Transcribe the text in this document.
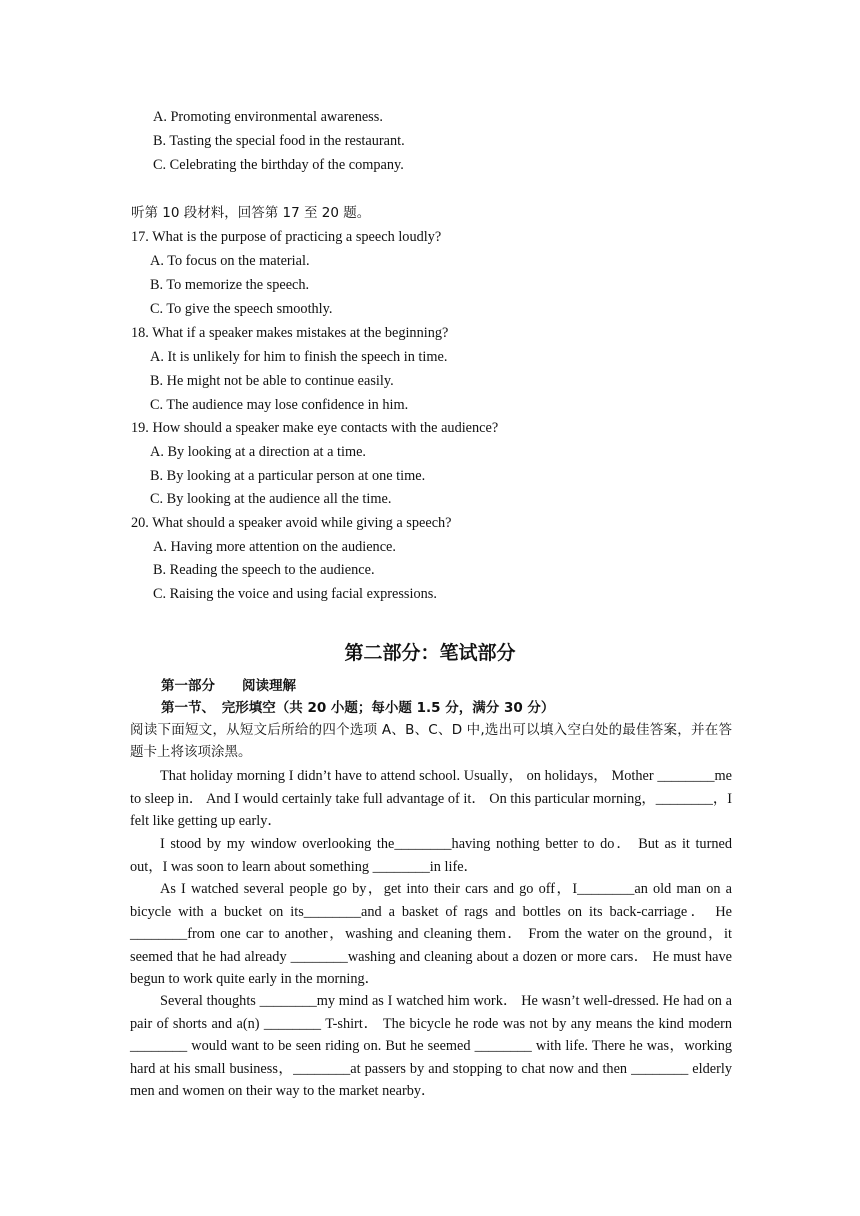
A. Promoting environmental awareness.
B. Tasting the special food in the restaurant.
C. Celebrating the birthday of the company.
听第 10 段材料，回答第 17 至 20 题。
17. What is the purpose of practicing a speech loudly?
A. To focus on the material.
B. To memorize the speech.
C. To give the speech smoothly.
18. What if a speaker makes mistakes at the beginning?
A. It is unlikely for him to finish the speech in time.
B. He might not be able to continue easily.
C. The audience may lose confidence in him.
19. How should a speaker make eye contacts with the audience?
A. By looking at a direction at a time.
B. By looking at a particular person at one time.
C. By looking at the audience all the time.
20. What should a speaker avoid while giving a speech?
A. Having more attention on the audience.
B. Reading the speech to the audience.
C. Raising the voice and using facial expressions.
第二部分：笔试部分
第一部分　　阅读理解
第一节、　完形填空（共 20 小题；每小题 1.5 分，满分 30 分）
阅读下面短文，从短文后所给的四个选项 A、B、C、D 中,选出可以填入空白处的最佳答案，并在答题卡上将该项涂黑。
That holiday morning I didn’t have to attend school. Usually， on holidays， Mother ________me to sleep in． And I would certainly take full advantage of it． On this particular morning，________，I felt like getting up early．
I stood by my window overlooking the________having nothing better to do． But as it turned out，I was soon to learn about something ________in life．
As I watched several people go by，get into their cars and go off，I________an old man on a bicycle with a bucket on its________and a basket of rags and bottles on its back-carriage． He ________from one car to another，washing and cleaning them． From the water on the ground，it seemed that he had already ________washing and cleaning about a dozen or more cars． He must have begun to work quite early in the morning．
Several thoughts ________my mind as I watched him work． He wasn’t well-dressed. He had on a pair of shorts and a(n) ________ T-shirt． The bicycle he rode was not by any means the kind modern　 ________ would want to be seen riding on. But he seemed ________ with life. There he was，working hard at his small business，________at passers by and stopping to chat now and then ________ elderly men and women on their way to the market nearby．
